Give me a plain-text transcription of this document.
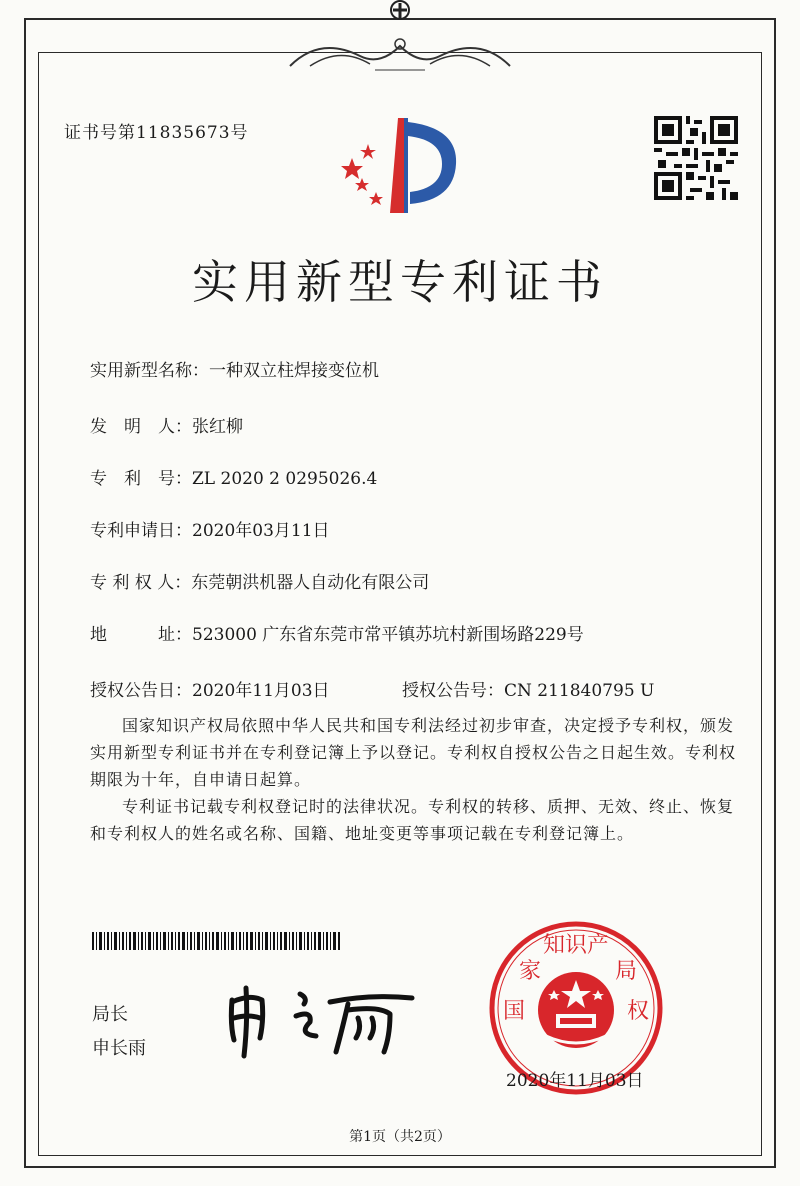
证书号第11835673号
实用新型专利证书
实用新型名称：一种双立柱焊接变位机
发　明　人：张红柳
专　利　号：ZL 2020 2 0295026.4
专利申请日：2020年03月11日
专 利 权 人：东莞朝洪机器人自动化有限公司
地　　　址：523000 广东省东莞市常平镇苏坑村新围场路229号
授权公告日：2020年11月03日	授权公告号：CN 211840795 U
国家知识产权局依照中华人民共和国专利法经过初步审查，决定授予专利权，颁发实用新型专利证书并在专利登记簿上予以登记。专利权自授权公告之日起生效。专利权期限为十年，自申请日起算。
专利证书记载专利权登记时的法律状况。专利权的转移、质押、无效、终止、恢复和专利权人的姓名或名称、国籍、地址变更等事项记载在专利登记簿上。
局长
申长雨
知识产
国	权
家	局
2020年11月03日
第1页（共2页）
